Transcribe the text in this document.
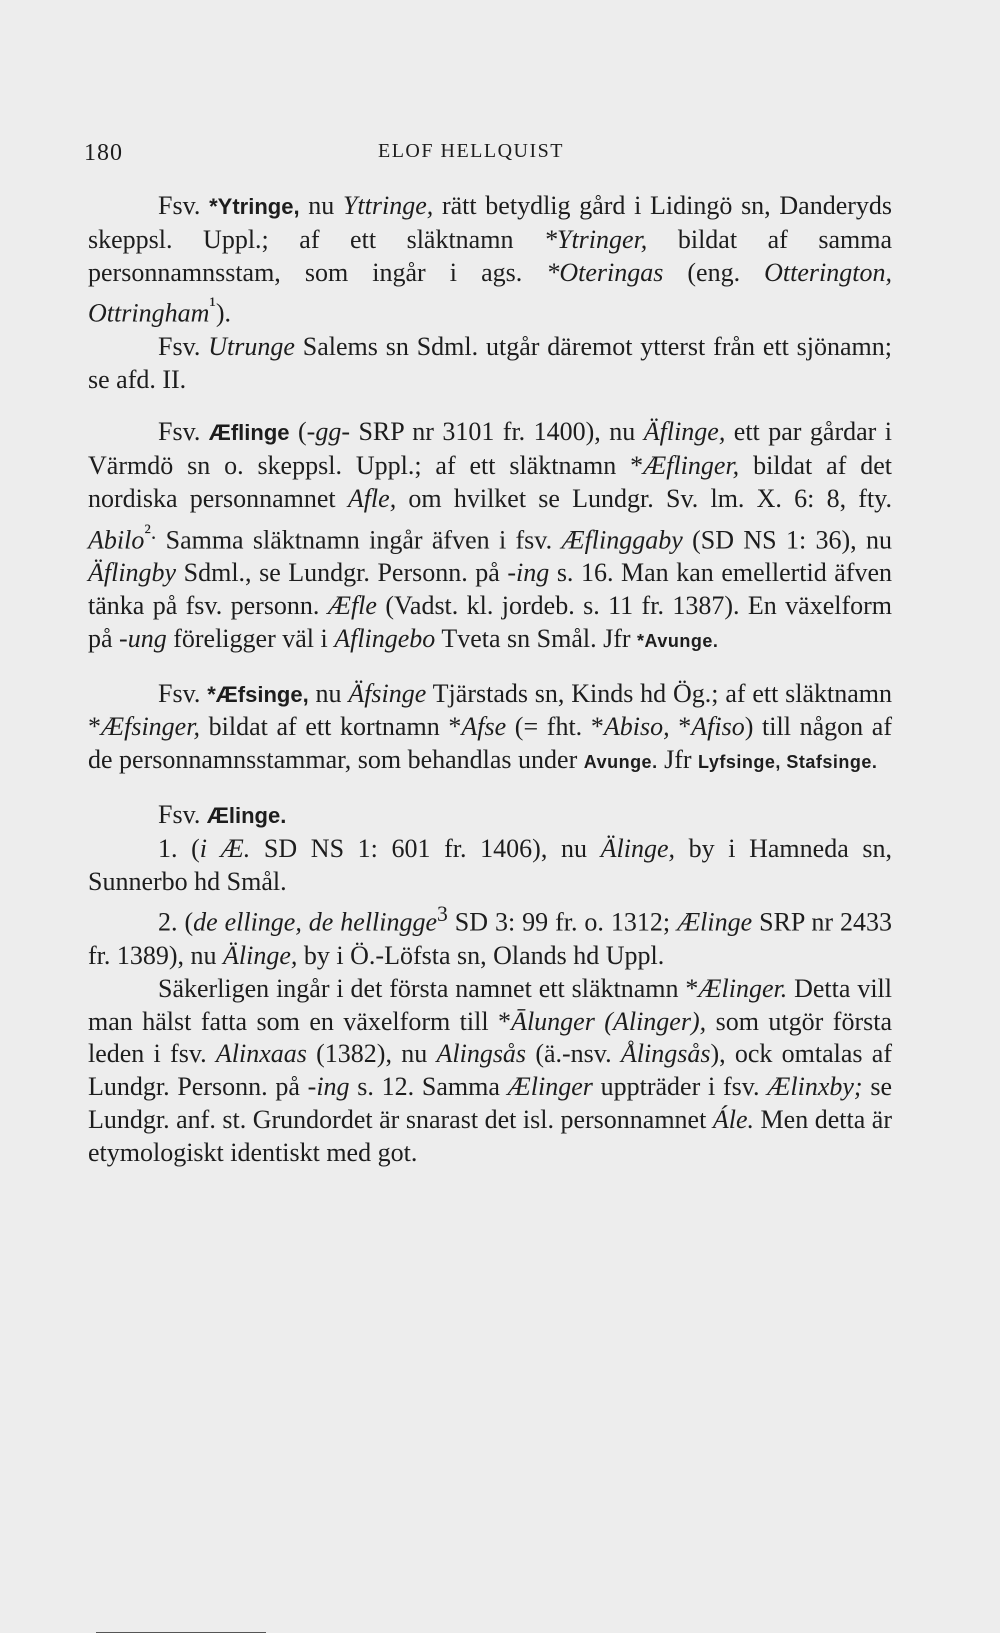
180	ELOF HELLQUIST

Fsv. *Ytringe, nu Yttringe, rätt betydlig gård i Lidingö sn, Danderyds skeppsl. Uppl.; af ett släktnamn *Ytringer, bildat af samma personnamnsstam, som ingår i ags. *Oteringas (eng. Otterington, Ottringham$^{^1}$).

Fsv. Utrunge Salems sn Sdml. utgår däremot ytterst från ett sjönamn; se afd. II.

Fsv. Æflinge (-gg- SRP nr 3101 fr. 1400), nu Äflinge, ett par gårdar i Värmdö sn o. skeppsl. Uppl.; af ett släktnamn *Æflinger, bildat af det nordiska personnamnet Afle, om hvilket se Lundgr. Sv. lm. X. 6: 8, fty. Abilo$^{^2.}$ Samma släktnamn ingår äfven i fsv. Æflinggaby (SD NS 1: 36), nu Äflingby Sdml., se Lundgr. Personn. på -ing s. 16. Man kan emellertid äfven tänka på fsv. personn. Æfle (Vadst. kl. jordeb. s. 11 fr. 1387). En växelform på -ung föreligger väl i Aflingebo Tveta sn Smål. Jfr *Avunge.

Fsv. *Æfsinge, nu Äfsinge Tjärstads sn, Kinds hd Ög.; af ett släktnamn *Æfsinger, bildat af ett kortnamn *Afse (= fht. *Abiso, *Afiso) till någon af de personnamnsstammar, som behandlas under Avunge. Jfr Lyfsinge, Stafsinge.

Fsv. Ælinge.

1. (i Æ. SD NS 1: 601 fr. 1406), nu Älinge, by i Hamneda sn, Sunnerbo hd Smål.

2. (de ellinge, de hellingge$^3$ SD 3: 99 fr. o. 1312; Ælinge SRP nr 2433 fr. 1389), nu Älinge, by i Ö.-Löfsta sn, Olands hd Uppl.

Säkerligen ingår i det första namnet ett släktnamn *Ælinger. Detta vill man hälst fatta som en växelform till *Ālunger (Alinger), som utgör första leden i fsv. Alinxaas (1382), nu Alingsås (ä.-nsv. Ålingsås), ock omtalas af Lundgr. Personn. på -ing s. 12. Samma Ælinger uppträder i fsv. Ælinxby; se Lundgr. anf. st. Grundordet är snarast det isl. personnamnet Ále. Men detta är etymologiskt identiskt med got.
